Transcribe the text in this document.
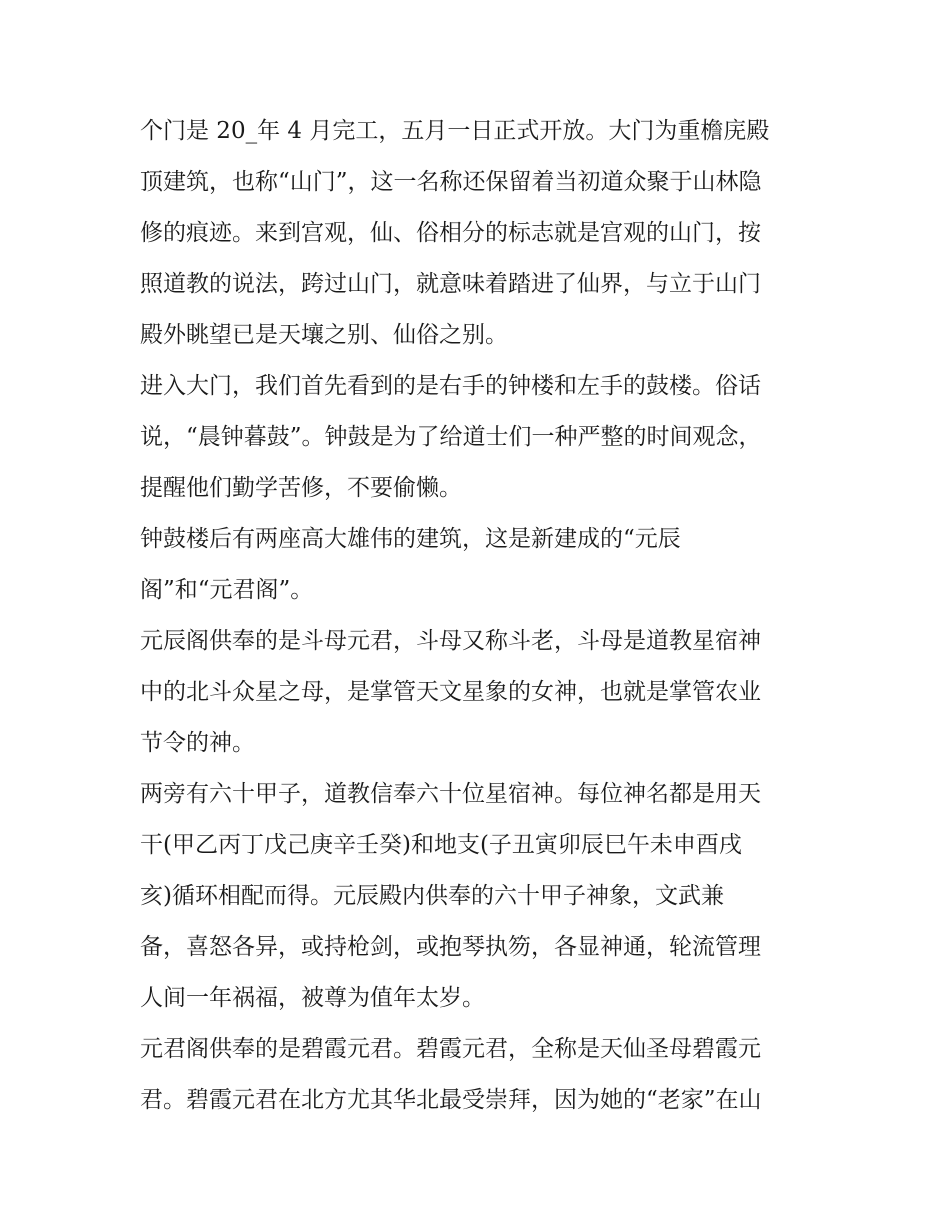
个门是 20_年 4 月完工，五月一日正式开放。大门为重檐庑殿
顶建筑，也称“山门”，这一名称还保留着当初道众聚于山林隐
修的痕迹。来到宫观，仙、俗相分的标志就是宫观的山门，按
照道教的说法，跨过山门，就意味着踏进了仙界，与立于山门
殿外眺望已是天壤之别、仙俗之别。
进入大门，我们首先看到的是右手的钟楼和左手的鼓楼。俗话
说，“晨钟暮鼓”。钟鼓是为了给道士们一种严整的时间观念，
提醒他们勤学苦修，不要偷懒。
钟鼓楼后有两座高大雄伟的建筑，这是新建成的“元辰
阁”和“元君阁”。
元辰阁供奉的是斗母元君，斗母又称斗老，斗母是道教星宿神
中的北斗众星之母，是掌管天文星象的女神，也就是掌管农业
节令的神。
两旁有六十甲子，道教信奉六十位星宿神。每位神名都是用天
干(甲乙丙丁戊己庚辛壬癸)和地支(子丑寅卯辰巳午未申酉戌
亥)循环相配而得。元辰殿内供奉的六十甲子神象，文武兼
备，喜怒各异，或持枪剑，或抱琴执笏，各显神通，轮流管理
人间一年祸福，被尊为值年太岁。
元君阁供奉的是碧霞元君。碧霞元君，全称是天仙圣母碧霞元
君。碧霞元君在北方尤其华北最受崇拜，因为她的“老家”在山
